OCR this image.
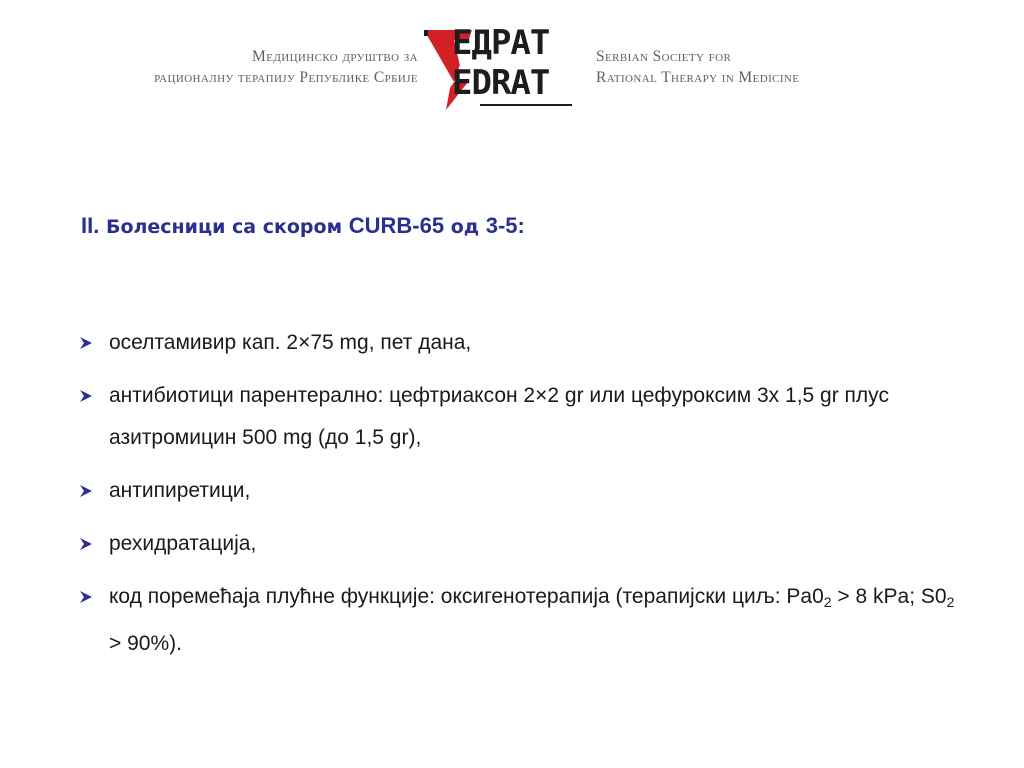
Медицинско друштво за
рационалну терапију Републике Србије
ЕДРАТ
EDRAT
Serbian Society for
Rational Therapy in Medicine
II. Болесници са скором CURB-65 од 3-5:
оселтамивир кап. 2×75 mg, пет дана,
антибиотици парентерално: цефтриаксон 2×2 gr или цефуроксим 3х 1,5 gr плус азитромицин 500 mg (до 1,5 gr),
антипиретици,
рехидратација,
код поремећаја плућне функције: оксигенотерапија (терапијски циљ: $Pa0_2 > 8$ kPa; $S0_2 > 90\%$).
